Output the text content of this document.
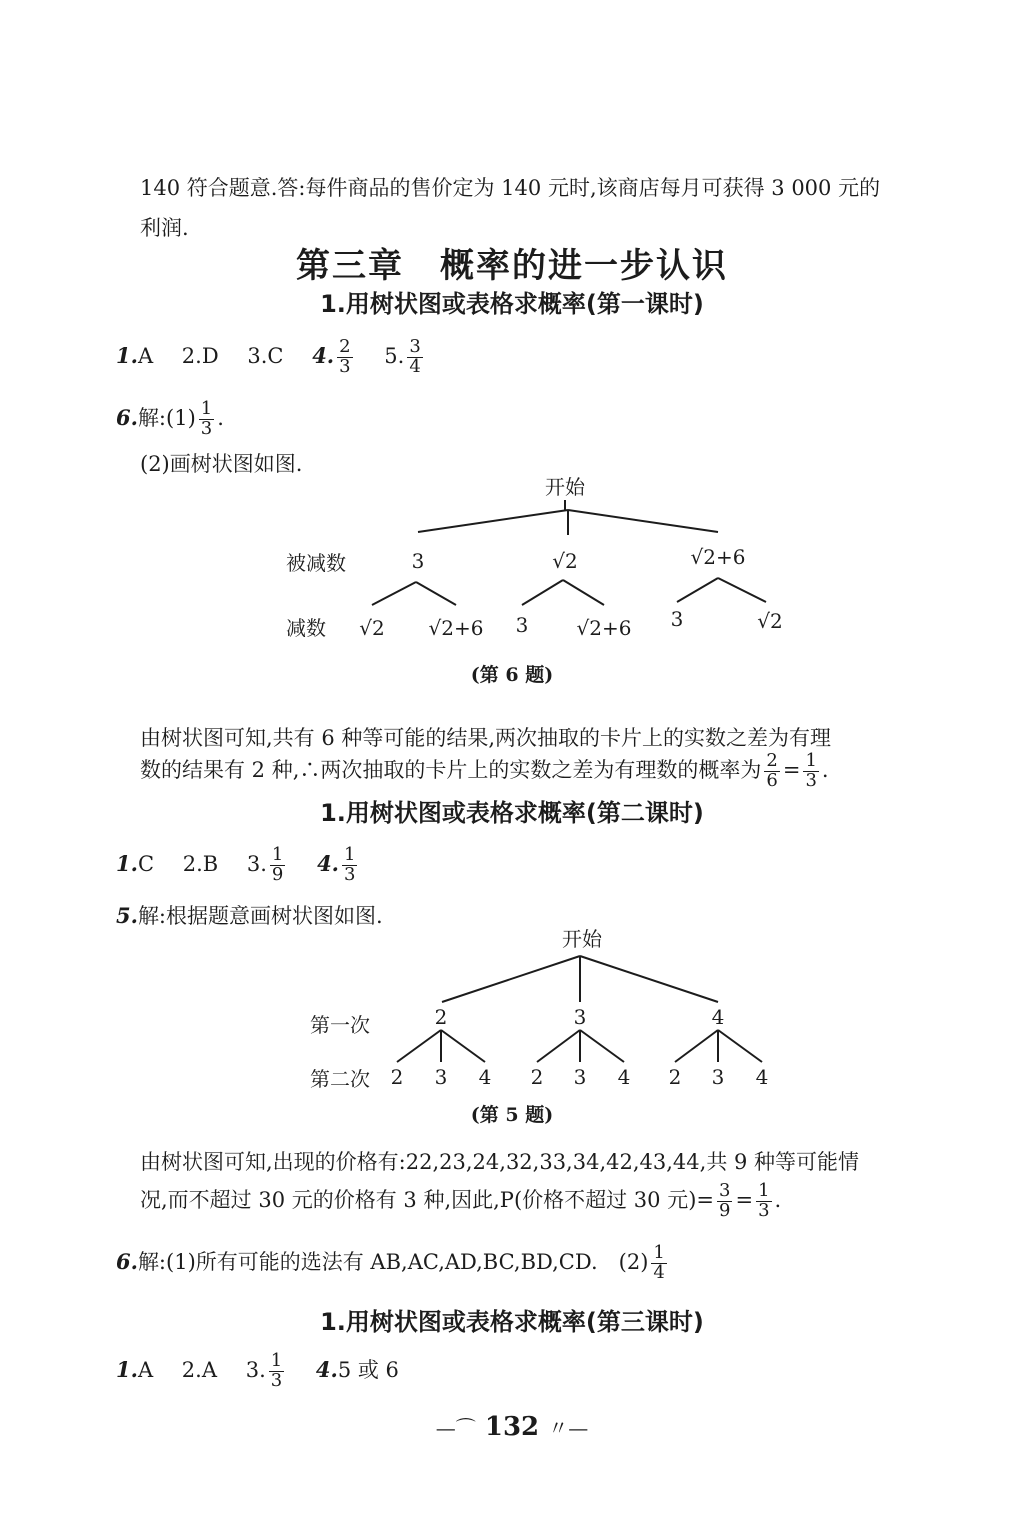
140 符合题意.答:每件商品的售价定为 140 元时,该商店每月可获得 3 000 元的
利润.
第三章　概率的进一步认识
1.用树状图或表格求概率(第一课时)
1.A 2.D 3.C 4. $\frac{2}{3} 5$. $\frac{3}{4}$
6.解:(1) $\frac{1}{3}$ .
(2)画树状图如图.
开始
被减数	3	√2	√2+6
减数 √2 √2+6 3 √2+6 3	√2
(第 6 题)
由树状图可知,共有 6 种等可能的结果,两次抽取的卡片上的实数之差为有理
数的结果有 2 种,∴两次抽取的卡片上的实数之差为有理数的概率为 $\frac{2}{6} = \frac{1}{3}$ .
1.用树状图或表格求概率(第二课时)
1.C 2.B 3. $\frac{1}{9} 4$. $\frac{1}{3}$
5.解:根据题意画树状图如图.
开始
第一次	2	3	4
第二次 2 3 4 2 3 4 2 3 4
(第 5 题)
由树状图可知,出现的价格有:22,23,24,32,33,34,42,43,44,共 9 种等可能情
况,而不超过 30 元的价格有 3 种,因此,P(价格不超过 30 元)= $\frac{3}{9} = \frac{1}{3}$ .
6.解:(1)所有可能的选法有 AB,AC,AD,BC,BD,CD.　$(2) \frac{1}{4}$
1.用树状图或表格求概率(第三课时)
1.A 2.A 3. $\frac{1}{3} 4.5$ 或 6
—⌒ 132 〃—
